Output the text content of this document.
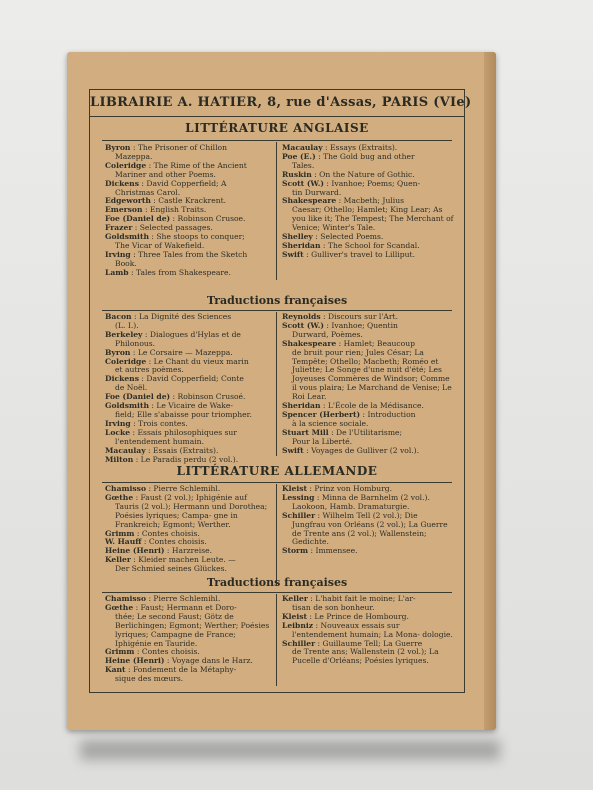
LIBRAIRIE A. HATIER, 8, rue d'Assas, PARIS (VIe)
LITTÉRATURE ANGLAISE
Byron : The Prisoner of Chillon
Mazeppa.
Coleridge : The Rime of the Ancient
Mariner and other Poems.
Dickens : David Copperfield; A
Christmas Carol.
Edgeworth : Castle Krackrent.
Emerson : English Traits.
Foe (Daniel de) : Robinson Crusoe.
Frazer : Selected passages.
Goldsmith : She stoops to conquer;
The Vicar of Wakefield.
Irving : Three Tales from the Sketch
Book.
Lamb : Tales from Shakespeare.
Macaulay : Essays (Extraits).
Poe (E.) : The Gold bug and other
Tales.
Ruskin : On the Nature of Gothic.
Scott (W.) : Ivanhoe; Poems; Quen-
tin Durward.
Shakespeare : Macbeth; Julius
Caesar; Othello; Hamlet; King Lear; As you like it; The Tempest; The Merchant of Venice; Winter's Tale.
Shelley : Selected Poems.
Sheridan : The School for Scandal.
Swift : Gulliver's travel to Lilliput.
Traductions françaises
Bacon : La Dignité des Sciences
(L. I.).
Berkeley : Dialogues d'Hylas et de
Philonous.
Byron : Le Corsaire — Mazeppa.
Coleridge : Le Chant du vieux marin
et autres poèmes.
Dickens : David Copperfield; Conte
de Noël.
Foe (Daniel de) : Robinson Crusoé.
Goldsmith : Le Vicaire de Wake-
field; Elle s'abaisse pour triompher.
Irving : Trois contes.
Locke : Essais philosophiques sur
l'entendement humain.
Macaulay : Essais (Extraits).
Milton : Le Paradis perdu (2 vol.).
Reynolds : Discours sur l'Art.
Scott (W.) : Ivanhoe; Quentin
Durward, Poèmes.
Shakespeare : Hamlet; Beaucoup
de bruit pour rien; Jules César; La Tempête; Othello; Macbeth; Roméo et Juliette; Le Songe d'une nuit d'été; Les Joyeuses Commères de Windsor; Comme il vous plaira; Le Marchand de Venise; Le Roi Lear.
Sheridan : L'École de la Médisance.
Spencer (Herbert) : Introduction
à la science sociale.
Stuart Mill : De l'Utilitarisme;
Pour la Liberté.
Swift : Voyages de Gulliver (2 vol.).
LITTÉRATURE ALLEMANDE
Chamisso : Pierre Schlemihl.
Gœthe : Faust (2 vol.); Iphigénie auf
Tauris (2 vol.); Hermann und Dorothea; Poésies lyriques; Campa- gne in Frankreich; Egmont; Werther.
Grimm : Contes choisis.
W. Hauff : Contes choisis.
Heine (Henri) : Harzreise.
Keller : Kleider machen Leute. —
Der Schmied seines Glückes.
Kleist : Prinz von Homburg.
Lessing : Minna de Barnhelm (2 vol.).
Laokoon, Hamb. Dramaturgie.
Schiller : Wilhelm Tell (2 vol.); Die
Jungfrau von Orléans (2 vol.); La Guerre de Trente ans (2 vol.); Wallenstein; Gedichte.
Storm : Immensee.
Traductions françaises
Chamisso : Pierre Schlemihl.
Gœthe : Faust; Hermann et Doro-
thée; Le second Faust; Götz de Berlichingen; Egmont; Werther; Poésies lyriques; Campagne de France; Iphigénie en Tauride.
Grimm : Contes choisis.
Heine (Henri) : Voyage dans le Harz.
Kant : Fondement de la Métaphy-
sique des mœurs.
Keller : L'habit fait le moine; L'ar-
tisan de son bonheur.
Kleist : Le Prince de Hombourg.
Leibniz : Nouveaux essais sur
l'entendement humain; La Mona- dologie.
Schiller : Guillaume Tell; La Guerre
de Trente ans; Wallenstein (2 vol.); La Pucelle d'Orléans; Poésies lyriques.
